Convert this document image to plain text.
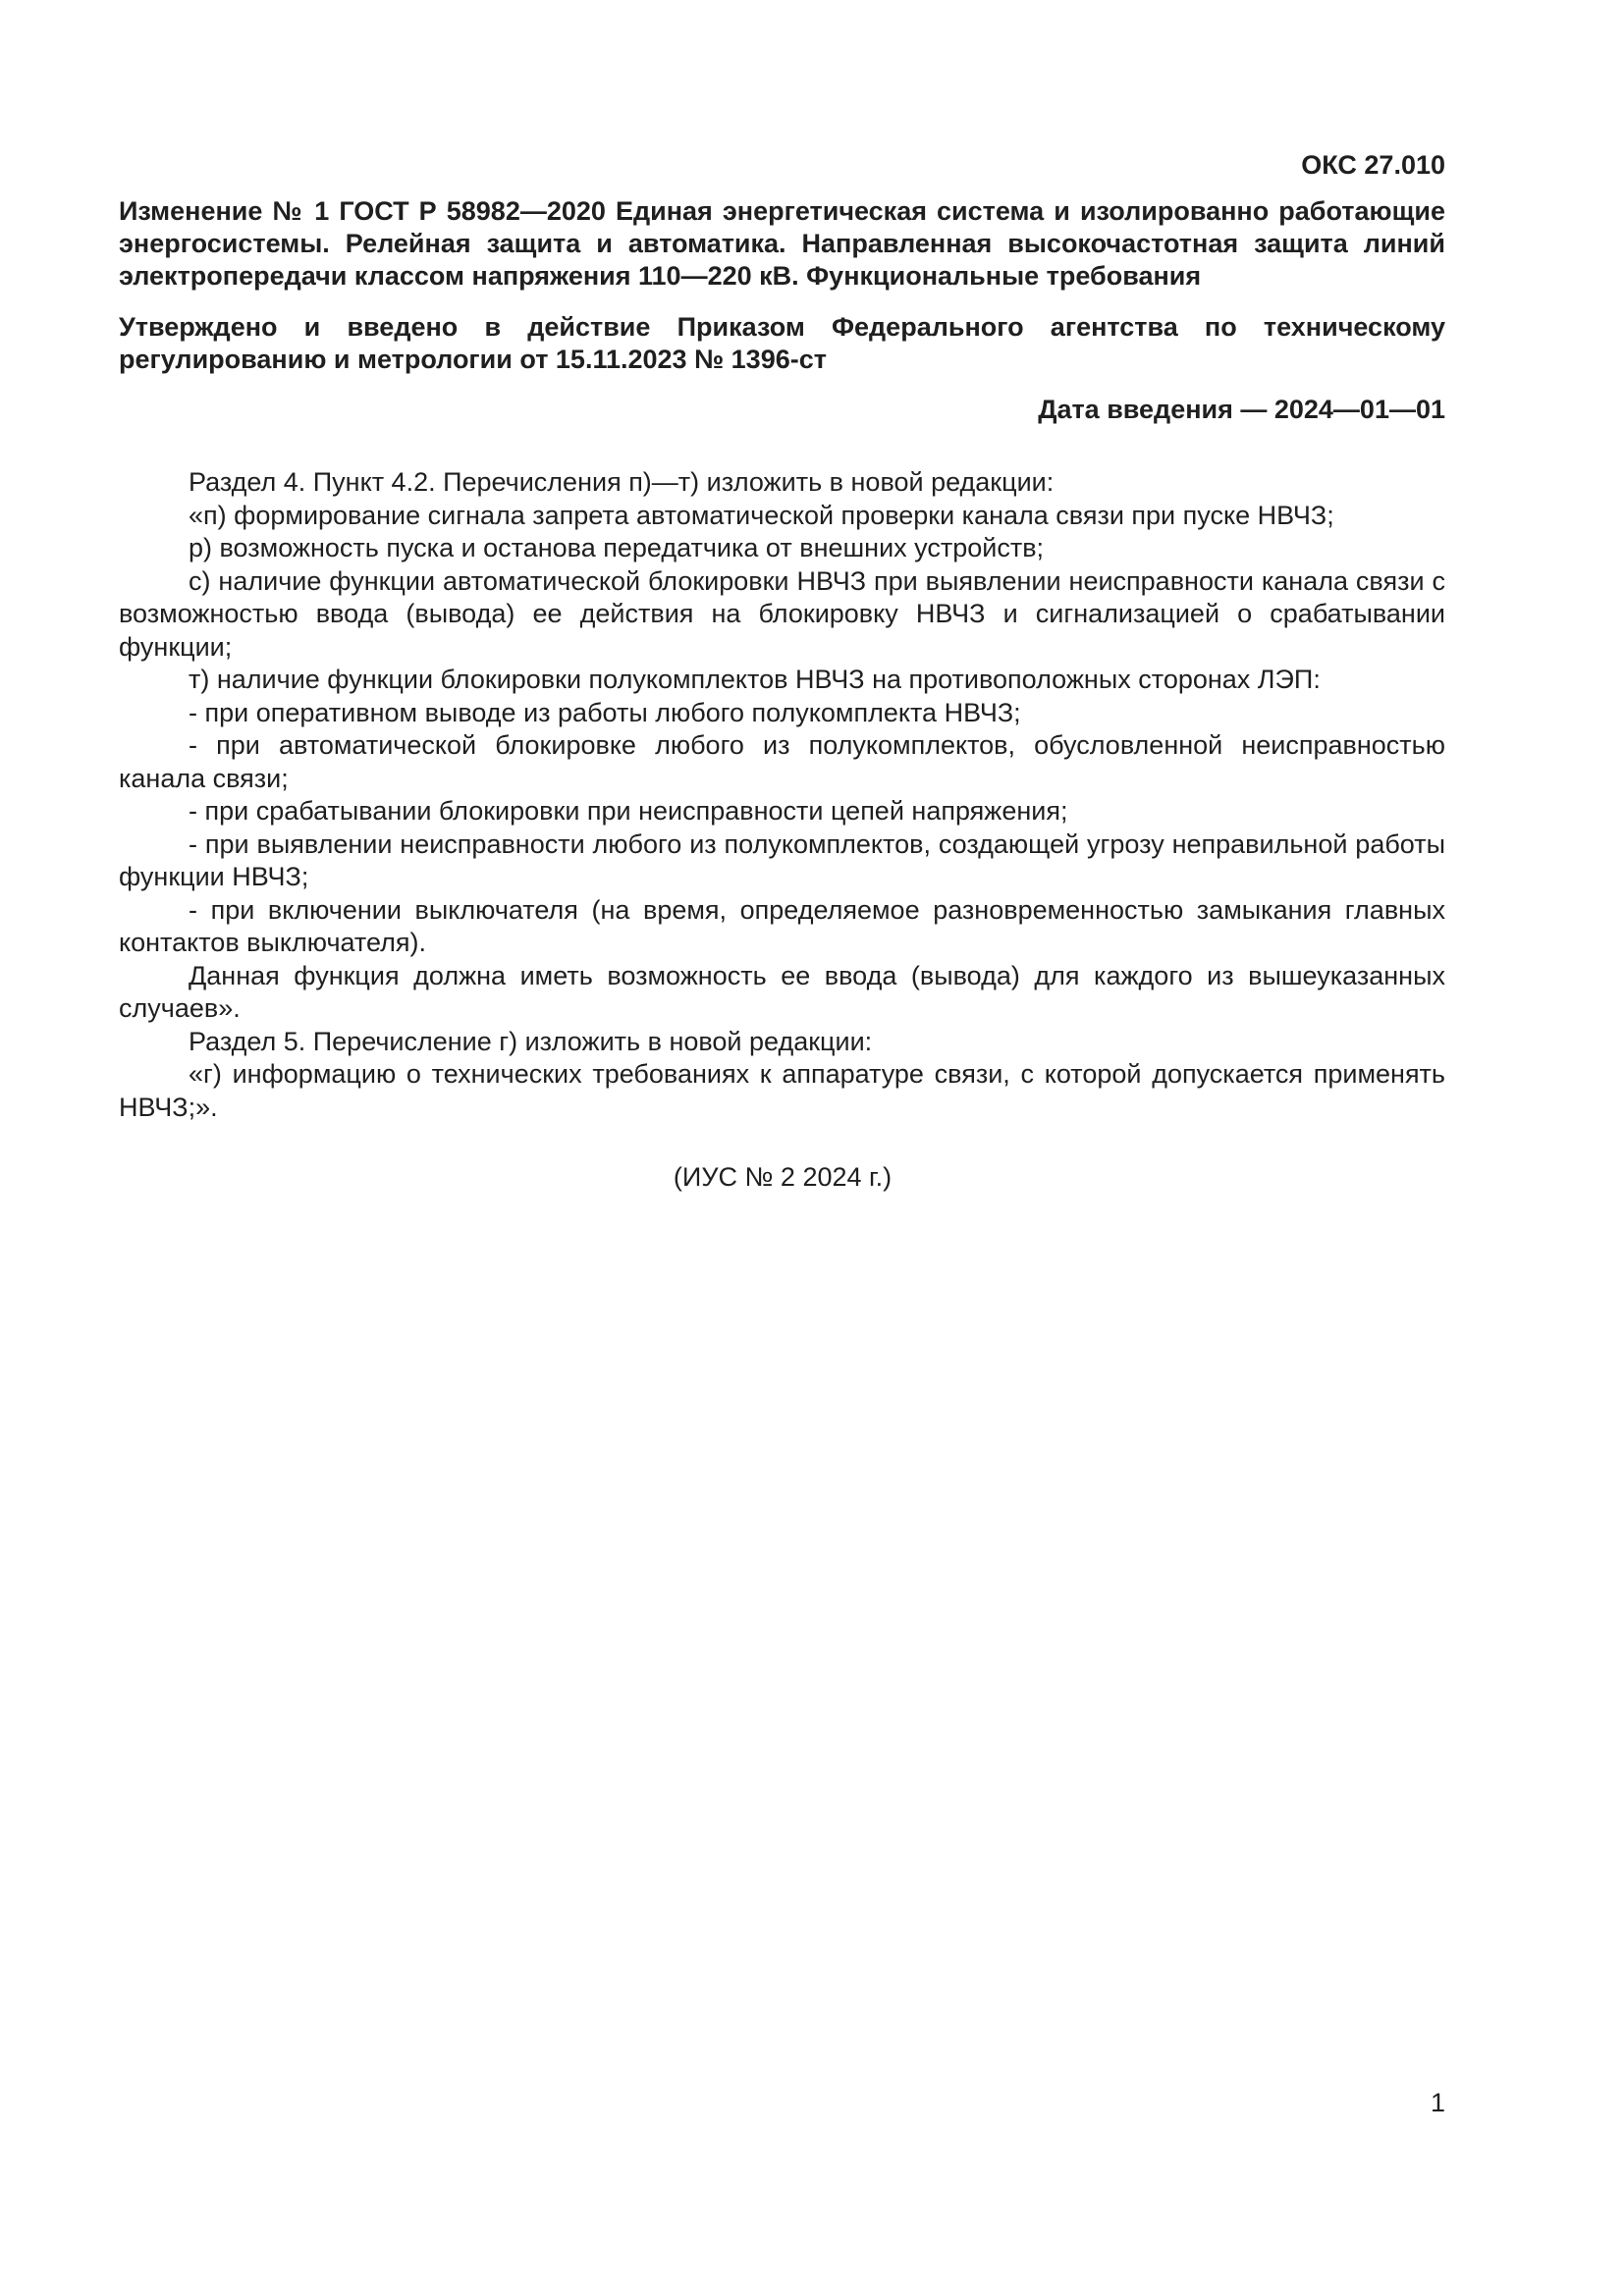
ОКС 27.010
Изменение № 1 ГОСТ Р 58982—2020 Единая энергетическая система и изолированно работающие энергосистемы. Релейная защита и автоматика. Направленная высокочастотная защита линий электропередачи классом напряжения 110—220 кВ. Функциональные требования
Утверждено и введено в действие Приказом Федерального агентства по техническому регулированию и метрологии от 15.11.2023 № 1396-ст
Дата введения — 2024—01—01

Раздел 4. Пункт 4.2. Перечисления п)—т) изложить в новой редакции:

«п) формирование сигнала запрета автоматической проверки канала связи при пуске НВЧЗ;

р) возможность пуска и останова передатчика от внешних устройств;

с) наличие функции автоматической блокировки НВЧЗ при выявлении неисправности канала связи с возможностью ввода (вывода) ее действия на блокировку НВЧЗ и сигнализацией о срабатывании функции;

т) наличие функции блокировки полукомплектов НВЧЗ на противоположных сторонах ЛЭП:

- при оперативном выводе из работы любого полукомплекта НВЧЗ;

- при автоматической блокировке любого из полукомплектов, обусловленной неисправностью канала связи;

- при срабатывании блокировки при неисправности цепей напряжения;

- при выявлении неисправности любого из полукомплектов, создающей угрозу неправильной работы функции НВЧЗ;

- при включении выключателя (на время, определяемое разновременностью замыкания главных контактов выключателя).

Данная функция должна иметь возможность ее ввода (вывода) для каждого из вышеуказанных случаев».

Раздел 5. Перечисление г) изложить в новой редакции:

«г) информацию о технических требованиях к аппаратуре связи, с которой допускается применять НВЧЗ;».

(ИУС № 2 2024 г.)
1
